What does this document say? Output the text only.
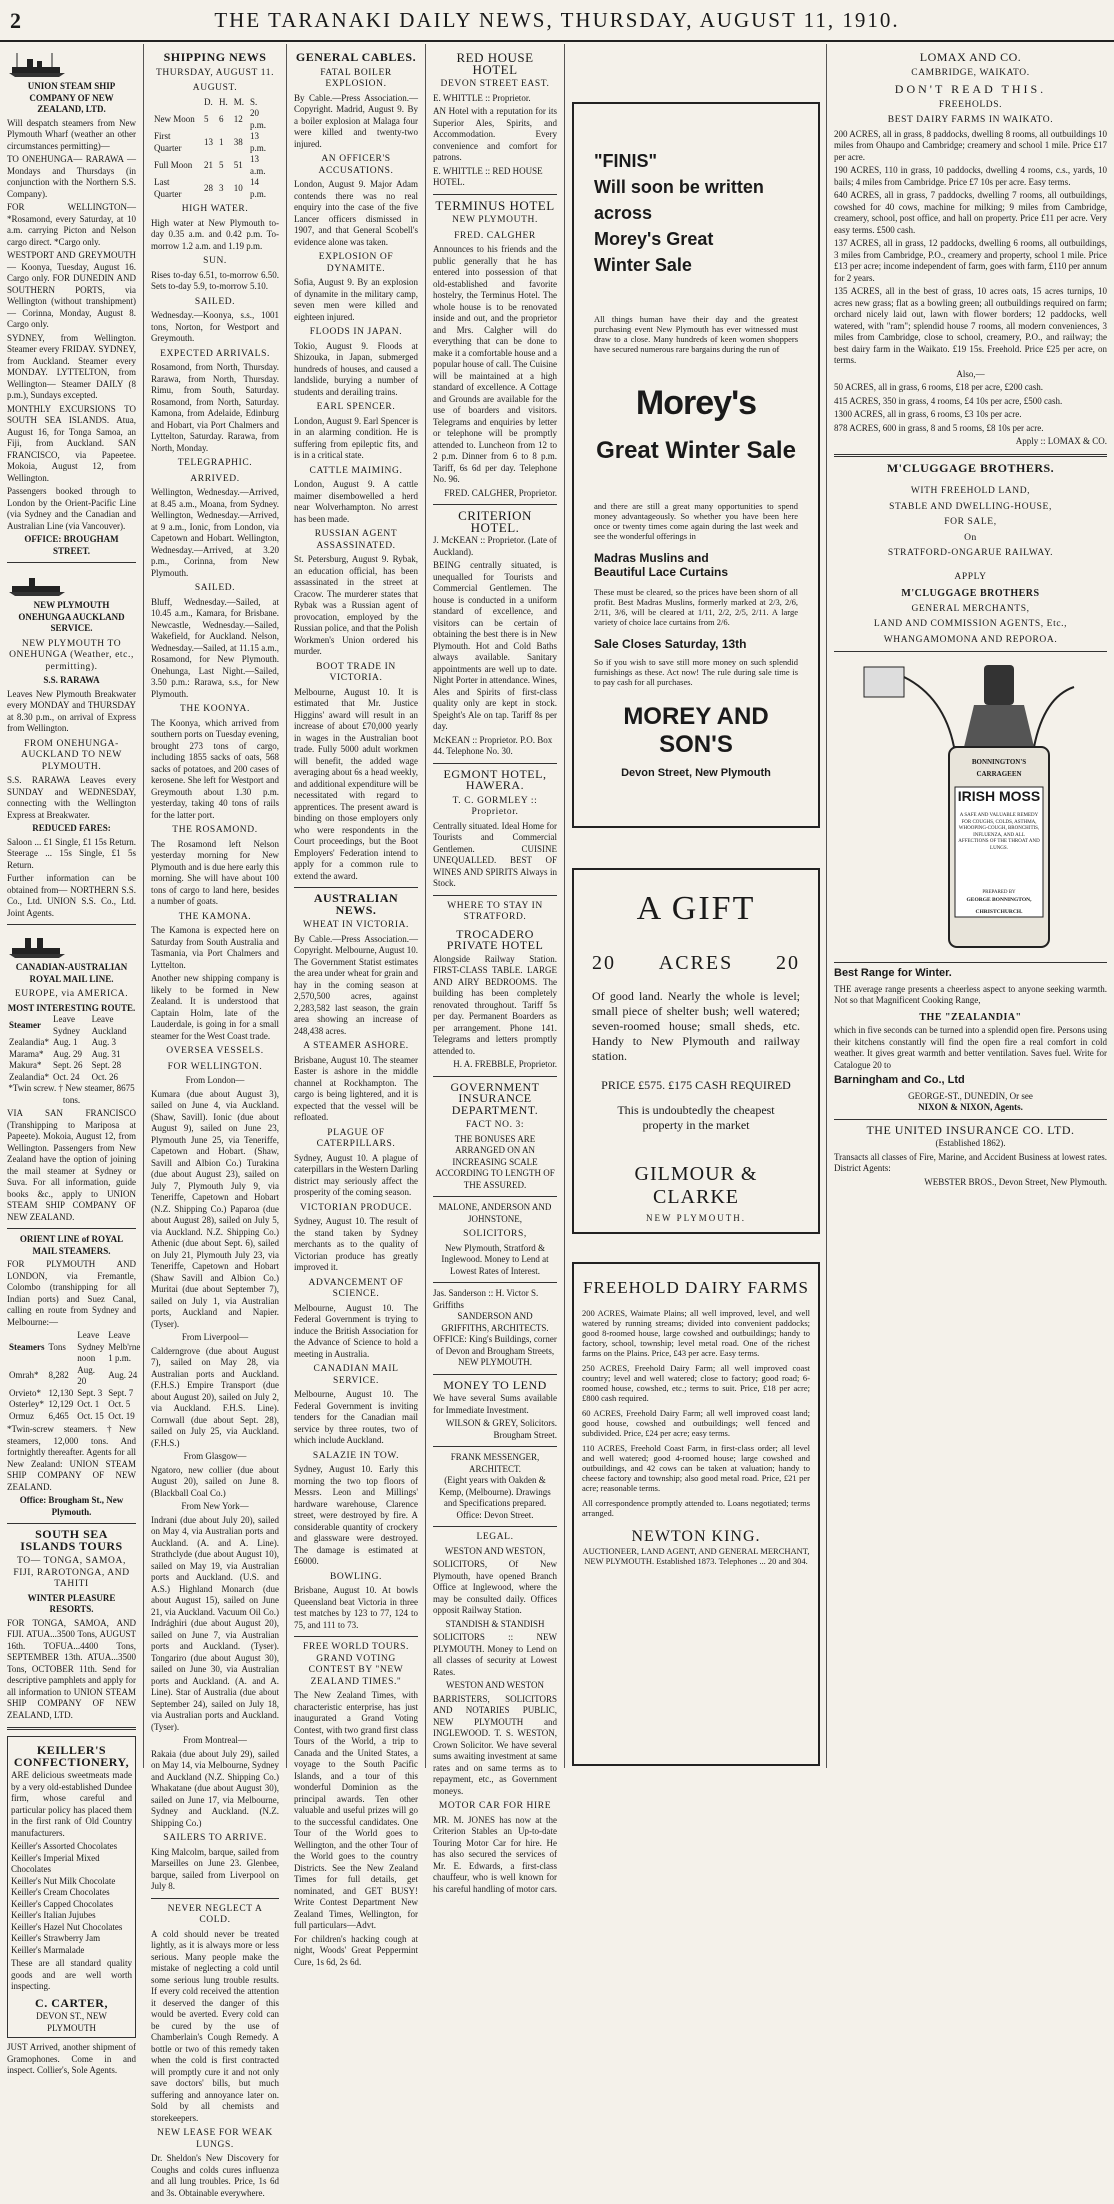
2	THE TARANAKI DAILY NEWS, THURSDAY, AUGUST 11, 1910.
UNION STEAM SHIP COMPANY OF NEW ZEALAND, LTD.
Will despatch steamers from New Plymouth Wharf (weather an other circumstances permitting)—
TO ONEHUNGA— RARAWA — Mondays and Thursdays (in conjunction with the Northern S.S. Company).
FOR WELLINGTON— *Rosamond, every Saturday, at 10 a.m. carrying Picton and Nelson cargo direct. *Cargo only.
WESTPORT AND GREYMOUTH— Koonya, Tuesday, August 16. Cargo only. FOR DUNEDIN AND SOUTHERN PORTS, via Wellington (without transhipment)— Corinna, Monday, August 8. Cargo only.
SYDNEY, from Wellington. Steamer every FRIDAY. SYDNEY, from Auckland. Steamer every MONDAY. LYTTELTON, from Wellington— Steamer DAILY (8 p.m.), Sundays excepted.
MONTHLY EXCURSIONS TO SOUTH SEA ISLANDS. Atua, August 16, for Tonga Samoa, an Fiji, from Auckland. SAN FRANCISCO, via Papeetee. Mokoia, August 12, from Wellington.
Passengers booked through to London by the Orient-Pacific Line (via Sydney and the Canadian and Australian Line (via Vancouver).
OFFICE: BROUGHAM STREET.
NEW PLYMOUTH ONEHUNGA AUCKLAND SERVICE.
NEW PLYMOUTH TO ONEHUNGA (Weather, etc., permitting).
S.S. RARAWA
Leaves New Plymouth Breakwater every MONDAY and THURSDAY at 8.30 p.m., on arrival of Express from Wellington.
FROM ONEHUNGA-AUCKLAND TO NEW PLYMOUTH.
S.S. RARAWA Leaves every SUNDAY and WEDNESDAY, connecting with the Wellington Express at Breakwater.
REDUCED FARES:
Saloon ... £1 Single, £1 15s Return. Steerage ... 15s Single, £1 5s Return.
Further information can be obtained from— NORTHERN S.S. Co., Ltd. UNION S.S. Co., Ltd. Joint Agents.
CANADIAN-AUSTRALIAN ROYAL MAIL LINE.
EUROPE, via AMERICA.
MOST INTERESTING ROUTE.
Steamer	Leave Sydney	Leave Auckland
Zealandia*	Aug. 1	Aug. 3
Marama*	Aug. 29	Aug. 31
Makura*	Sept. 26	Sept. 28
Zealandia*	Oct. 24	Oct. 26
*Twin screw. † New steamer, 8675 tons.
VIA SAN FRANCISCO (Transhipping to Mariposa at Papeete). Mokoia, August 12, from Wellington. Passengers from New Zealand have the option of joining the mail steamer at Sydney or Suva. For all information, guide books &c., apply to UNION STEAM SHIP COMPANY OF NEW ZEALAND.
ORIENT LINE of ROYAL MAIL STEAMERS.
FOR PLYMOUTH AND LONDON, via Fremantle, Colombo (transhipping for all Indian ports) and Suez Canal, calling en route from Sydney and Melbourne:—
Steamers	Tons	Leave Sydney noon	Leave Melb'rne 1 p.m.
Omrah*	8,282	Aug. 20	Aug. 24
Orvieto*	12,130	Sept. 3	Sept. 7
Osterley*	12,129	Oct. 1	Oct. 5
Ormuz	6,465	Oct. 15	Oct. 19
*Twin-screw steamers. †New steamers, 12,000 tons. And fortnightly thereafter. Agents for all New Zealand: UNION STEAM SHIP COMPANY OF NEW ZEALAND.
Office: Brougham St., New Plymouth.
SOUTH SEA ISLANDS TOURS
TO— TONGA, SAMOA, FIJI, RAROTONGA, AND TAHITI
WINTER PLEASURE RESORTS.
FOR TONGA, SAMOA, AND FIJI. ATUA...3500 Tons, AUGUST 16th. TOFUA...4400 Tons, SEPTEMBER 13th. ATUA...3500 Tons, OCTOBER 11th. Send for descriptive pamphlets and apply for all information to UNION STEAM SHIP COMPANY OF NEW ZEALAND, LTD.
KEILLER'S CONFECTIONERY,
ARE delicious sweetmeats made by a very old-established Dundee firm, whose careful and particular policy has placed them in the first rank of Old Country manufacturers.
Keiller's Assorted Chocolates
Keiller's Imperial Mixed Chocolates
Keiller's Nut Milk Chocolate
Keiller's Cream Chocolates
Keiller's Capped Chocolates
Keiller's Italian Jujubes
Keiller's Hazel Nut Chocolates
Keiller's Strawberry Jam
Keiller's Marmalade
These are all standard quality goods and are well worth inspecting.
C. CARTER,
DEVON ST., NEW PLYMOUTH
JUST Arrived, another shipment of Gramophones. Come in and inspect. Collier's, Sole Agents.
SHIPPING NEWS
THURSDAY, AUGUST 11.
AUGUST.
	D.	H.	M.	S.
New Moon	5	6	12	20 p.m.
First Quarter	13	1	38	13 p.m.
Full Moon	21	5	51	13 a.m.
Last Quarter	28	3	10	14 p.m.
HIGH WATER.
High water at New Plymouth to-day 0.35 a.m. and 0.42 p.m. To-morrow 1.2 a.m. and 1.19 p.m.
SUN.
Rises to-day 6.51, to-morrow 6.50. Sets to-day 5.9, to-morrow 5.10.
SAILED.
Wednesday.—Koonya, s.s., 1001 tons, Norton, for Westport and Greymouth.
EXPECTED ARRIVALS.
Rosamond, from North, Thursday. Rarawa, from North, Thursday. Rimu, from South, Saturday. Rosamond, from North, Saturday. Kamona, from Adelaide, Edinburg and Hobart, via Port Chalmers and Lyttelton, Saturday. Rarawa, from North, Monday.
TELEGRAPHIC.
ARRIVED.
Wellington, Wednesday.—Arrived, at 8.45 a.m., Moana, from Sydney. Wellington, Wednesday.—Arrived, at 9 a.m., Ionic, from London, via Capetown and Hobart. Wellington, Wednesday.—Arrived, at 3.20 p.m., Corinna, from New Plymouth.
SAILED.
Bluff, Wednesday.—Sailed, at 10.45 a.m., Kamara, for Brisbane. Newcastle, Wednesday.—Sailed, Wakefield, for Auckland. Nelson, Wednesday.—Sailed, at 11.15 a.m., Rosamond, for New Plymouth. Onehunga, Last Night.—Sailed, 3.50 p.m.: Rarawa, s.s., for New Plymouth.
THE KOONYA.
The Koonya, which arrived from southern ports on Tuesday evening, brought 273 tons of cargo, including 1855 sacks of oats, 568 sacks of potatoes, and 200 cases of kerosene. She left for Westport and Greymouth about 1.30 p.m. yesterday, taking 40 tons of rails for the latter port.
THE ROSAMOND.
The Rosamond left Nelson yesterday morning for New Plymouth and is due here early this morning. She will have about 100 tons of cargo to land here, besides a number of goats.
THE KAMONA.
The Kamona is expected here on Saturday from South Australia and Tasmania, via Port Chalmers and Lyttelton.
Another new shipping company is likely to be formed in New Zealand. It is understood that Captain Holm, late of the Lauderdale, is going in for a small steamer for the West Coast trade.
OVERSEA VESSELS.
FOR WELLINGTON.
From London—
Kumara (due about August 3), sailed on June 4, via Auckland. (Shaw, Savill). Ionic (due about August 9), sailed on June 23, Plymouth June 25, via Teneriffe, Capetown and Hobart. (Shaw, Savill and Albion Co.) Turakina (due about August 23), sailed on July 7, Plymouth July 9, via Teneriffe, Capetown and Hobart (N.Z. Shipping Co.) Paparoa (due about August 28), sailed on July 5, via Auckland. N.Z. Shipping Co.) Athenic (due about Sept. 6), sailed on July 21, Plymouth July 23, via Teneriffe, Capetown and Hobart (Shaw Savill and Albion Co.) Muritai (due about September 7), sailed on July 1, via Australian ports, Auckland and Napier. (Tyser).
From Liverpool—
Calderngrove (due about August 7), sailed on May 28, via Australian ports and Auckland. (F.H.S.) Empire Transport (due about August 20), sailed on July 2, via Auckland. F.H.S. Line). Cornwall (due about Sept. 28), sailed on July 25, via Auckland. (F.H.S.)
From Glasgow—
Ngatoro, new collier (due about August 20), sailed on June 8. (Blackball Coal Co.)
From New York—
Indrani (due about July 20), sailed on May 4, via Australian ports and Auckland. (A. and A. Line). Strathclyde (due about August 10), sailed on May 19, via Australian ports and Auckland. (U.S. and A.S.) Highland Monarch (due about August 15), sailed on June 21, via Auckland. Vacuum Oil Co.) Indrághiri (due about August 20), sailed on June 7, via Australian ports and Auckland. (Tyser). Tongariro (due about August 30), sailed on June 30, via Australian ports and Auckland. (A. and A. Line). Star of Australia (due about September 24), sailed on July 18, via Australian ports and Auckland. (Tyser).
From Montreal—
Rakaia (due about July 29), sailed on May 14, via Melbourne, Sydney and Auckland (N.Z. Shipping Co.) Whakatane (due about August 30), sailed on June 17, via Melbourne, Sydney and Auckland. (N.Z. Shipping Co.)
SAILERS TO ARRIVE.
King Malcolm, barque, sailed from Marseilles on June 23. Glenbee, barque, sailed from Liverpool on July 8.
NEVER NEGLECT A COLD.
A cold should never be treated lightly, as it is always more or less serious. Many people make the mistake of neglecting a cold until some serious lung trouble results. If every cold received the attention it deserved the danger of this would be averted. Every cold can be cured by the use of Chamberlain's Cough Remedy. A bottle or two of this remedy taken when the cold is first contracted will promptly cure it and not only save doctors' bills, but much suffering and annoyance later on. Sold by all chemists and storekeepers.
NEW LEASE FOR WEAK LUNGS.
Dr. Sheldon's New Discovery for Coughs and colds cures influenza and all lung troubles. Price, 1s 6d and 3s. Obtainable everywhere.
GENERAL CABLES.
FATAL BOILER EXPLOSION.
By Cable.—Press Association.—Copyright. Madrid, August 9. By a boiler explosion at Malaga four were killed and twenty-two injured.
AN OFFICER'S ACCUSATIONS.
London, August 9. Major Adam contends there was no real enquiry into the case of the five Lancer officers dismissed in 1907, and that General Scobell's evidence alone was taken.
EXPLOSION OF DYNAMITE.
Sofia, August 9. By an explosion of dynamite in the military camp, seven men were killed and eighteen injured.
FLOODS IN JAPAN.
Tokio, August 9. Floods at Shizouka, in Japan, submerged hundreds of houses, and caused a landslide, burying a number of students and derailing trains.
EARL SPENCER.
London, August 9. Earl Spencer is in an alarming condition. He is suffering from epileptic fits, and is in a critical state.
CATTLE MAIMING.
London, August 9. A cattle maimer disembowelled a herd near Wolverhampton. No arrest has been made.
RUSSIAN AGENT ASSASSINATED.
St. Petersburg, August 9. Rybak, an education official, has been assassinated in the street at Cracow. The murderer states that Rybak was a Russian agent of provocation, employed by the Russian police, and that the Polish Workmen's Union ordered his murder.
BOOT TRADE IN VICTORIA.
Melbourne, August 10. It is estimated that Mr. Justice Higgins' award will result in an increase of about £70,000 yearly in wages in the Australian boot trade. Fully 5000 adult workmen will benefit, the added wage averaging about 6s a head weekly, and additional expenditure will be necessitated with regard to apprentices. The present award is binding on those employers only who were respondents in the Court proceedings, but the Boot Employers' Federation intend to apply for a common rule to extend the award.
AUSTRALIAN NEWS.
WHEAT IN VICTORIA.
By Cable.—Press Association.—Copyright. Melbourne, August 10. The Government Statist estimates the area under wheat for grain and hay in the coming season at 2,570,500 acres, against 2,283,582 last season, the grain area showing an increase of 248,438 acres.
A STEAMER ASHORE.
Brisbane, August 10. The steamer Easter is ashore in the middle channel at Rockhampton. The cargo is being lightered, and it is expected that the vessel will be refloated.
PLAGUE OF CATERPILLARS.
Sydney, August 10. A plague of caterpillars in the Western Darling district may seriously affect the prosperity of the coming season.
VICTORIAN PRODUCE.
Sydney, August 10. The result of the stand taken by Sydney merchants as to the quality of Victorian produce has greatly improved it.
ADVANCEMENT OF SCIENCE.
Melbourne, August 10. The Federal Government is trying to induce the British Association for the Advance of Science to hold a meeting in Australia.
CANADIAN MAIL SERVICE.
Melbourne, August 10. The Federal Government is inviting tenders for the Canadian mail service by three routes, two of which include Auckland.
SALAZIE IN TOW.
Sydney, August 10. Early this morning the two top floors of Messrs. Leon and Millings' hardware warehouse, Clarence street, were destroyed by fire. A considerable quantity of crockery and glassware were destroyed. The damage is estimated at £6000.
BOWLING.
Brisbane, August 10. At bowls Queensland beat Victoria in three test matches by 123 to 77, 124 to 75, and 111 to 73.
FREE WORLD TOURS. GRAND VOTING CONTEST BY "NEW ZEALAND TIMES."
The New Zealand Times, with characteristic enterprise, has just inaugurated a Grand Voting Contest, with two grand first class Tours of the World, a trip to Canada and the United States, a voyage to the South Pacific Islands, and a tour of this wonderful Dominion as the principal awards. Ten other valuable and useful prizes will go to the successful candidates. One Tour of the World goes to Wellington, and the other Tour of the World goes to the country Districts. See the New Zealand Times for full details, get nominated, and GET BUSY! Write Contest Department New Zealand Times, Wellington, for full particulars—Advt.
For children's hacking cough at night, Woods' Great Peppermint Cure, 1s 6d, 2s 6d.
RED HOUSE HOTEL
DEVON STREET EAST.
E. WHITTLE :: Proprietor.
AN Hotel with a reputation for its Superior Ales, Spirits, and Accommodation. Every convenience and comfort for patrons.
E. WHITTLE :: RED HOUSE HOTEL.
TERMINUS HOTEL
NEW PLYMOUTH.
FRED. CALGHER
Announces to his friends and the public generally that he has entered into possession of that old-established and favorite hostelry, the Terminus Hotel. The whole house is to be renovated inside and out, and the proprietor and Mrs. Calgher will do everything that can be done to make it a comfortable house and a popular house of call. The Cuisine will be maintained at a high standard of excellence. A Cottage and Grounds are available for the use of boarders and visitors. Telegrams and enquiries by letter or telephone will be promptly attended to. Luncheon from 12 to 2 p.m. Dinner from 6 to 8 p.m. Tariff, 6s 6d per day. Telephone No. 96.
FRED. CALGHER, Proprietor.
CRITERION HOTEL.
J. McKEAN :: Proprietor. (Late of Auckland).
BEING centrally situated, is unequalled for Tourists and Commercial Gentlemen. The house is conducted in a uniform standard of excellence, and visitors can be certain of obtaining the best there is in New Plymouth. Hot and Cold Baths always available. Sanitary appointments are well up to date. Night Porter in attendance. Wines, Ales and Spirits of first-class quality only are kept in stock. Speight's Ale on tap. Tariff 8s per day.
McKEAN :: Proprietor. P.O. Box 44. Telephone No. 30.
EGMONT HOTEL, HAWERA.
T. C. GORMLEY :: Proprietor.
Centrally situated. Ideal Home for Tourists and Commercial Gentlemen. CUISINE UNEQUALLED. BEST OF WINES AND SPIRITS Always in Stock.
WHERE TO STAY IN STRATFORD.
TROCADERO PRIVATE HOTEL
Alongside Railway Station. FIRST-CLASS TABLE. LARGE AND AIRY BEDROOMS. The building has been completely renovated throughout. Tariff 5s per day. Permanent Boarders as per arrangement. Phone 141. Telegrams and letters promptly attended to.
H. A. FREBBLE, Proprietor.
GOVERNMENT INSURANCE DEPARTMENT.
FACT NO. 3:
THE BONUSES ARE ARRANGED ON AN INCREASING SCALE ACCORDING TO LENGTH OF THE ASSURED.
MALONE, ANDERSON AND JOHNSTONE,
SOLICITORS,
New Plymouth, Stratford & Inglewood. Money to Lend at Lowest Rates of Interest.
Jas. Sanderson :: H. Victor S. Griffiths
SANDERSON AND GRIFFITHS, ARCHITECTS.
OFFICE: King's Buildings, corner of Devon and Brougham Streets, NEW PLYMOUTH.
MONEY TO LEND
We have several Sums available for Immediate Investment.
WILSON & GREY, Solicitors. Brougham Street.
FRANK MESSENGER, ARCHITECT.
(Eight years with Oakden & Kemp, (Melbourne). Drawings and Specifications prepared. Office: Devon Street.
LEGAL.
WESTON AND WESTON,
SOLICITORS, Of New Plymouth, have opened Branch Office at Inglewood, where the may be consulted daily. Offices opposit Railway Station.
STANDISH & STANDISH
SOLICITORS :: NEW PLYMOUTH. Money to Lend on all classes of security at Lowest Rates.
WESTON AND WESTON
BARRISTERS, SOLICITORS AND NOTARIES PUBLIC, NEW PLYMOUTH and INGLEWOOD. T. S. WESTON, Crown Solicitor. We have several sums awaiting investment at same rates and on same terms as to repayment, etc., as Government moneys.
MOTOR CAR FOR HIRE
MR. M. JONES has now at the Criterion Stables an Up-to-date Touring Motor Car for hire. He has also secured the services of Mr. E. Edwards, a first-class chauffeur, who is well known for his careful handling of motor cars.
"FINIS"
Will soon be written across
Morey's Great
Winter Sale
All things human have their day and the greatest purchasing event New Plymouth has ever witnessed must draw to a close. Many hundreds of keen women shoppers have secured numerous rare bargains during the run of
Morey's
Great Winter Sale
and there are still a great many opportunities to spend money advantageously. So whether you have been here once or twenty times come again during the last week and see the wonderful offerings in
Madras Muslins and
Beautiful Lace Curtains
These must be cleared, so the prices have been shorn of all profit. Best Madras Muslins, formerly marked at 2/3, 2/6, 2/11, 3/6, will be cleared at 1/11, 2/2, 2/5, 2/11. A large variety of choice lace curtains from 2/6.
Sale Closes Saturday, 13th
So if you wish to save still more money on such splendid furnishings as these. Act now! The rule during sale time is to pay cash for all purchases.
MOREY AND SON'S
Devon Street, New Plymouth
A GIFT
20 ACRES 20
Of good land. Nearly the whole is level; small piece of shelter bush; well watered; seven-roomed house; small sheds, etc. Handy to New Plymouth and railway station.
PRICE £575. £175 CASH REQUIRED
This is undoubtedly the cheapest property in the market
GILMOUR & CLARKE
NEW PLYMOUTH.
FREEHOLD DAIRY FARMS
200 ACRES, Waimate Plains; all well improved, level, and well watered by running streams; divided into convenient paddocks; good 8-roomed house, large cowshed and outbuildings; handy to factory, school, township; level metal road. One of the richest farms on the Plains. Price, £43 per acre. Easy terms.
250 ACRES, Freehold Dairy Farm; all well improved coast country; level and well watered; close to factory; good road; 6-roomed house, cowshed, etc.; terms to suit. Price, £18 per acre; £800 cash required.
60 ACRES, Freehold Dairy Farm; all well improved coast land; good house, cowshed and outbuildings; well fenced and subdivided. Price, £24 per acre; easy terms.
110 ACRES, Freehold Coast Farm, in first-class order; all level and well watered; good 4-roomed house; large cowshed and outbuildings, and 42 cows can be taken at valuation; handy to cheese factory and township; also good metal road. Price, £21 per acre; reasonable terms.
All correspondence promptly attended to. Loans negotiated; terms arranged.
NEWTON KING.
AUCTIONEER, LAND AGENT, AND GENERAL MERCHANT, NEW PLYMOUTH. Established 1873. Telephones ... 20 and 304.
LOMAX AND CO.
CAMBRIDGE, WAIKATO.
DON'T READ THIS.
FREEHOLDS.
BEST DAIRY FARMS IN WAIKATO.
200 ACRES, all in grass, 8 paddocks, dwelling 8 rooms, all outbuildings 10 miles from Ohaupo and Cambridge; creamery and school 1 mile. Price £17 per acre.
190 ACRES, 110 in grass, 10 paddocks, dwelling 4 rooms, c.s., yards, 10 bails; 4 miles from Cambridge. Price £7 10s per acre. Easy terms.
640 ACRES, all in grass, 7 paddocks, dwelling 7 rooms, all outbuildings, cowshed for 40 cows, machine for milking; 9 miles from Cambridge, creamery, school, post office, and hall on property. Price £11 per acre. Very easy terms. £500 cash.
137 ACRES, all in grass, 12 paddocks, dwelling 6 rooms, all outbuildings, 3 miles from Cambridge, P.O., creamery and property, school 1 mile. Price £13 per acre; income independent of farm, goes with farm, £110 per annum for 2 years.
135 ACRES, all in the best of grass, 10 acres oats, 15 acres turnips, 10 acres new grass; flat as a bowling green; all outbuildings required on farm; orchard nicely laid out, lawn with flower borders; 12 paddocks, well watered, with "ram"; splendid house 7 rooms, all modern conveniences, 3 miles from Cambridge, close to school, creamery, P.O., and railway; the best dairy farm in the Waikato. £19 15s. Freehold. Price £25 per acre, on terms.
Also,—
50 ACRES, all in grass, 6 rooms, £18 per acre, £200 cash.
415 ACRES, 350 in grass, 4 rooms, £4 10s per acre, £500 cash.
1300 ACRES, all in grass, 6 rooms, £3 10s per acre.
878 ACRES, 600 in grass, 8 and 5 rooms, £8 10s per acre.
Apply :: LOMAX & CO.
M'CLUGGAGE BROTHERS.
WITH FREEHOLD LAND,
STABLE AND DWELLING-HOUSE,
FOR SALE,
On
STRATFORD-ONGARUE RAILWAY.
APPLY
M'CLUGGAGE BROTHERS
GENERAL MERCHANTS,
LAND AND COMMISSION AGENTS, Etc.,
WHANGAMOMONA AND REPOROA.
BONNINGTON'S CARRAGEEN
IRISH MOSS
A SAFE AND VALUABLE REMEDY FOR COUGHS, COLDS, ASTHMA, WHOOPING-COUGH, BRONCHITIS, INFLUENZA, AND ALL AFFECTIONS OF THE THROAT AND LUNGS.
PREPARED BY
GEORGE BONNINGTON, CHRISTCHURCH.
Best Range for Winter.
THE average range presents a cheerless aspect to anyone seeking warmth. Not so that Magnificent Cooking Range,
THE "ZEALANDIA"
which in five seconds can be turned into a splendid open fire. Persons using their kitchens constantly will find the open fire a real comfort in cold weather. It gives great warmth and better ventilation. Saves fuel. Write for Catalogue 20 to
Barningham and Co., Ltd
GEORGE-ST., DUNEDIN, Or see
NIXON & NIXON, Agents.
THE UNITED INSURANCE CO. LTD.
(Established 1862).
Transacts all classes of Fire, Marine, and Accident Business at lowest rates. District Agents:
WEBSTER BROS., Devon Street, New Plymouth.
